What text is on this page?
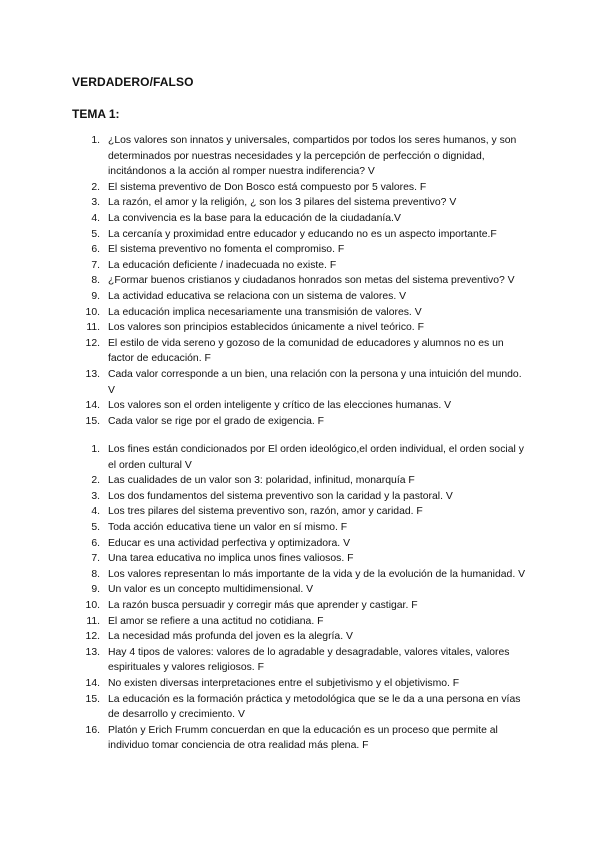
VERDADERO/FALSO
TEMA 1:
1. ¿Los valores son innatos y universales, compartidos por todos los seres humanos, y son determinados por nuestras necesidades y la percepción de perfección o dignidad, incitándonos a la acción al romper nuestra indiferencia? V
2. El sistema preventivo de Don Bosco está compuesto por 5 valores. F
3. La razón, el amor y la religión, ¿ son los 3 pilares del sistema preventivo? V
4. La convivencia es la base para la educación de la ciudadanía.V
5. La cercanía y proximidad entre educador y educando no es un aspecto importante.F
6. El sistema preventivo no fomenta el compromiso. F
7. La educación deficiente / inadecuada no existe. F
8. ¿Formar buenos cristianos y ciudadanos honrados son metas del sistema preventivo? V
9. La actividad educativa se relaciona con un sistema de valores. V
10. La educación implica necesariamente una transmisión de valores. V
11. Los valores son principios establecidos únicamente a nivel teórico. F
12. El estilo de vida sereno y gozoso de la comunidad de educadores y alumnos no es un factor de educación. F
13. Cada valor corresponde a un bien, una relación con la persona y una intuición del mundo. V
14. Los valores son el orden inteligente y crítico de las elecciones humanas. V
15. Cada valor se rige por el grado de exigencia. F
1. Los fines están condicionados por El orden ideológico,el orden individual, el orden social y el orden cultural V
2. Las cualidades de un valor son 3: polaridad, infinitud, monarquía F
3. Los dos fundamentos del sistema preventivo son la caridad y la pastoral. V
4. Los tres pilares del sistema preventivo son, razón, amor y caridad. F
5. Toda acción educativa tiene un valor en sí mismo. F
6. Educar es una actividad perfectiva y optimizadora. V
7. Una tarea educativa no implica unos fines valiosos. F
8. Los valores representan lo más importante de la vida y de la evolución de la humanidad. V
9. Un valor es un concepto multidimensional. V
10. La razón busca persuadir y corregir más que aprender y castigar. F
11. El amor se refiere a una actitud no cotidiana. F
12. La necesidad más profunda del joven es la alegría. V
13. Hay 4 tipos de valores: valores de lo agradable y desagradable, valores vitales, valores espirituales y valores religiosos. F
14. No existen diversas interpretaciones entre el subjetivismo y el objetivismo. F
15. La educación es la formación práctica y metodológica que se le da a una persona en vías de desarrollo y crecimiento. V
16. Platón y Erich Frumm concuerdan en que la educación es un proceso que permite al individuo tomar conciencia de otra realidad más plena. F
